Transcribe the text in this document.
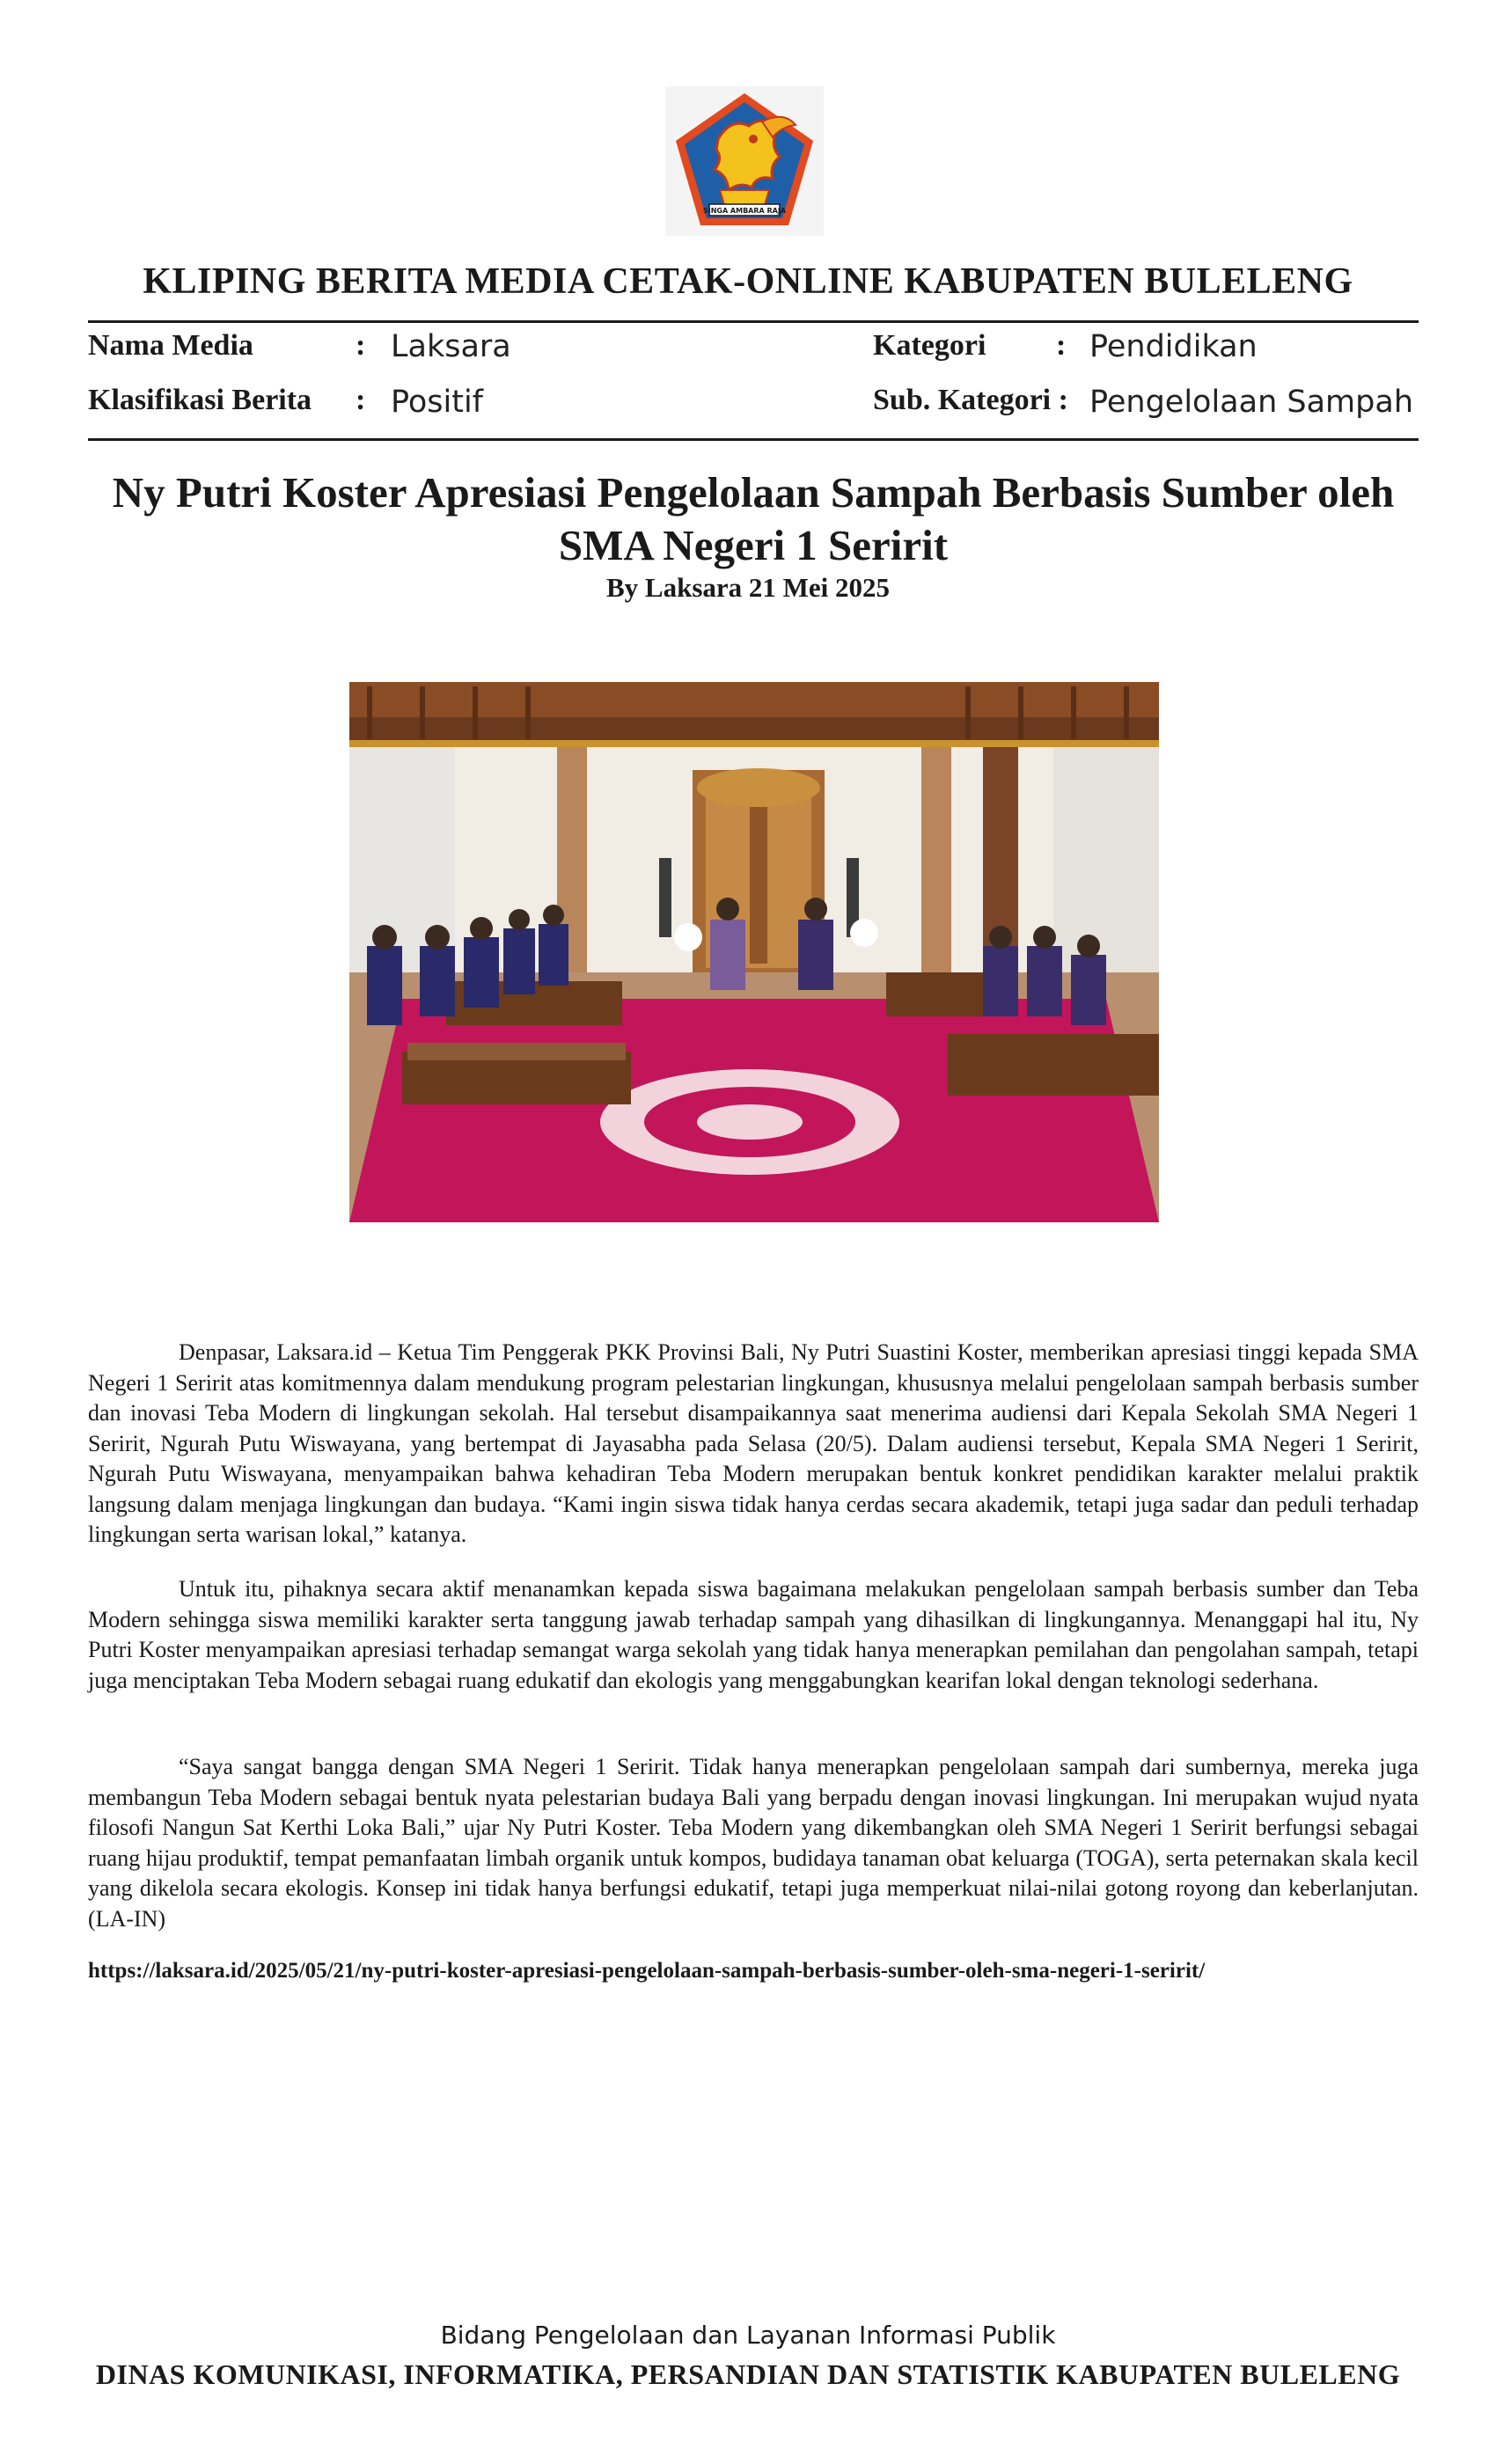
SINGA AMBARA RAJA
KLIPING BERITA MEDIA CETAK-ONLINE KABUPATEN BULELENG
Nama Media	: Laksara	Kategori : Pendidikan
Klasifikasi Berita : Positif	Sub. Kategori : Pengelolaan Sampah
Ny Putri Koster Apresiasi Pengelolaan Sampah Berbasis Sumber oleh SMA Negeri 1 Seririt
By Laksara 21 Mei 2025

Denpasar, Laksara.id – Ketua Tim Penggerak PKK Provinsi Bali, Ny Putri Suastini Koster, memberikan apresiasi tinggi kepada SMA Negeri 1 Seririt atas komitmennya dalam mendukung program pelestarian lingkungan, khususnya melalui pengelolaan sampah berbasis sumber dan inovasi Teba Modern di lingkungan sekolah. Hal tersebut disampaikannya saat menerima audiensi dari Kepala Sekolah SMA Negeri 1 Seririt, Ngurah Putu Wiswayana, yang bertempat di Jayasabha pada Selasa (20/5). Dalam audiensi tersebut, Kepala SMA Negeri 1 Seririt, Ngurah Putu Wiswayana, menyampaikan bahwa kehadiran Teba Modern merupakan bentuk konkret pendidikan karakter melalui praktik langsung dalam menjaga lingkungan dan budaya. “Kami ingin siswa tidak hanya cerdas secara akademik, tetapi juga sadar dan peduli terhadap lingkungan serta warisan lokal,” katanya.

Untuk itu, pihaknya secara aktif menanamkan kepada siswa bagaimana melakukan pengelolaan sampah berbasis sumber dan Teba Modern sehingga siswa memiliki karakter serta tanggung jawab terhadap sampah yang dihasilkan di lingkungannya. Menanggapi hal itu, Ny Putri Koster menyampaikan apresiasi terhadap semangat warga sekolah yang tidak hanya menerapkan pemilahan dan pengolahan sampah, tetapi juga menciptakan Teba Modern sebagai ruang edukatif dan ekologis yang menggabungkan kearifan lokal dengan teknologi sederhana.

“Saya sangat bangga dengan SMA Negeri 1 Seririt. Tidak hanya menerapkan pengelolaan sampah dari sumbernya, mereka juga membangun Teba Modern sebagai bentuk nyata pelestarian budaya Bali yang berpadu dengan inovasi lingkungan. Ini merupakan wujud nyata filosofi Nangun Sat Kerthi Loka Bali,” ujar Ny Putri Koster. Teba Modern yang dikembangkan oleh SMA Negeri 1 Seririt berfungsi sebagai ruang hijau produktif, tempat pemanfaatan limbah organik untuk kompos, budidaya tanaman obat keluarga (TOGA), serta peternakan skala kecil yang dikelola secara ekologis. Konsep ini tidak hanya berfungsi edukatif, tetapi juga memperkuat nilai-nilai gotong royong dan keberlanjutan. (LA-IN)

https://laksara.id/2025/05/21/ny-putri-koster-apresiasi-pengelolaan-sampah-berbasis-sumber-oleh-sma-negeri-1-seririt/
Bidang Pengelolaan dan Layanan Informasi Publik
DINAS KOMUNIKASI, INFORMATIKA, PERSANDIAN DAN STATISTIK KABUPATEN BULELENG
